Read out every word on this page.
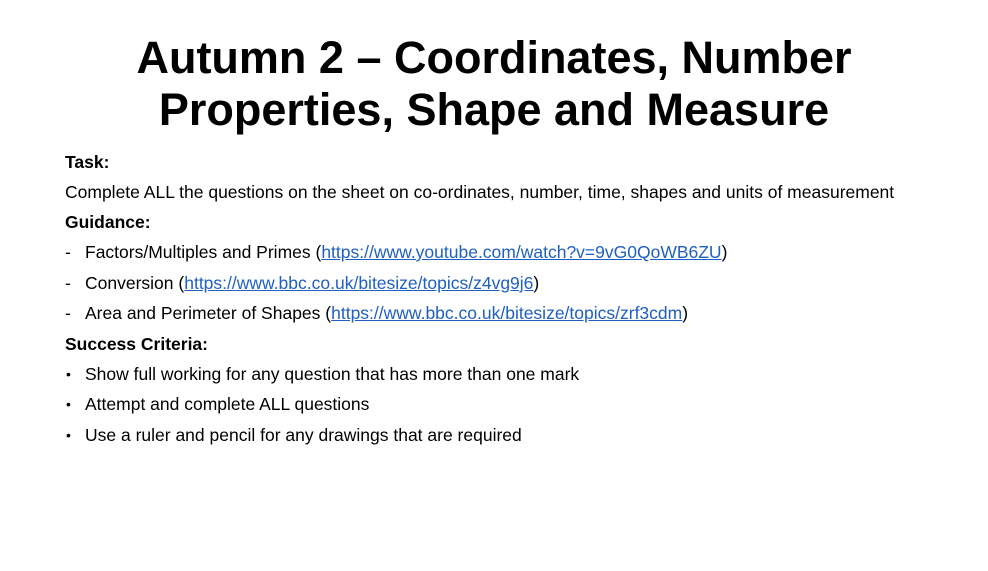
Autumn 2 – Coordinates, Number
Properties, Shape and Measure
Task:
Complete ALL the questions on the sheet on co-ordinates, number, time, shapes and units of measurement
Guidance:
- Factors/Multiples and Primes (https://www.youtube.com/watch?v=9vG0QoWB6ZU)
- Conversion (https://www.bbc.co.uk/bitesize/topics/z4vg9j6)
- Area and Perimeter of Shapes (https://www.bbc.co.uk/bitesize/topics/zrf3cdm)
Success Criteria:
• Show full working for any question that has more than one mark
• Attempt and complete ALL questions
• Use a ruler and pencil for any drawings that are required
